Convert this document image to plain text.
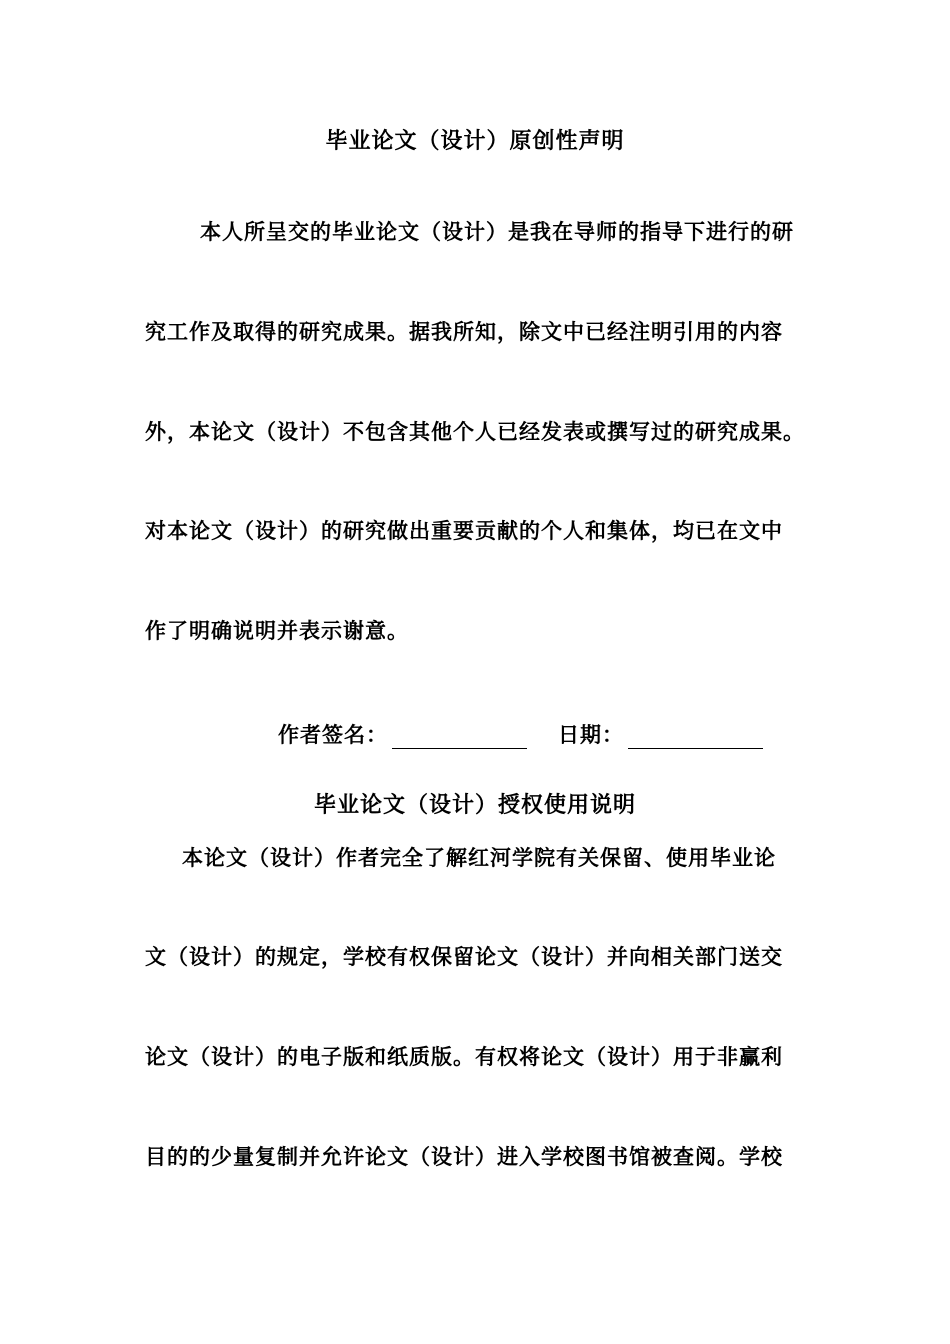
毕业论文（设计）原创性声明
本人所呈交的毕业论文（设计）是我在导师的指导下进行的研
究工作及取得的研究成果。据我所知，除文中已经注明引用的内容
外，本论文（设计）不包含其他个人已经发表或撰写过的研究成果。
对本论文（设计）的研究做出重要贡献的个人和集体，均已在文中
作了明确说明并表示谢意。
作者签名：	日期：
毕业论文（设计）授权使用说明
本论文（设计）作者完全了解红河学院有关保留、使用毕业论
文（设计）的规定，学校有权保留论文（设计）并向相关部门送交
论文（设计）的电子版和纸质版。有权将论文（设计）用于非赢利
目的的少量复制并允许论文（设计）进入学校图书馆被查阅。学校
